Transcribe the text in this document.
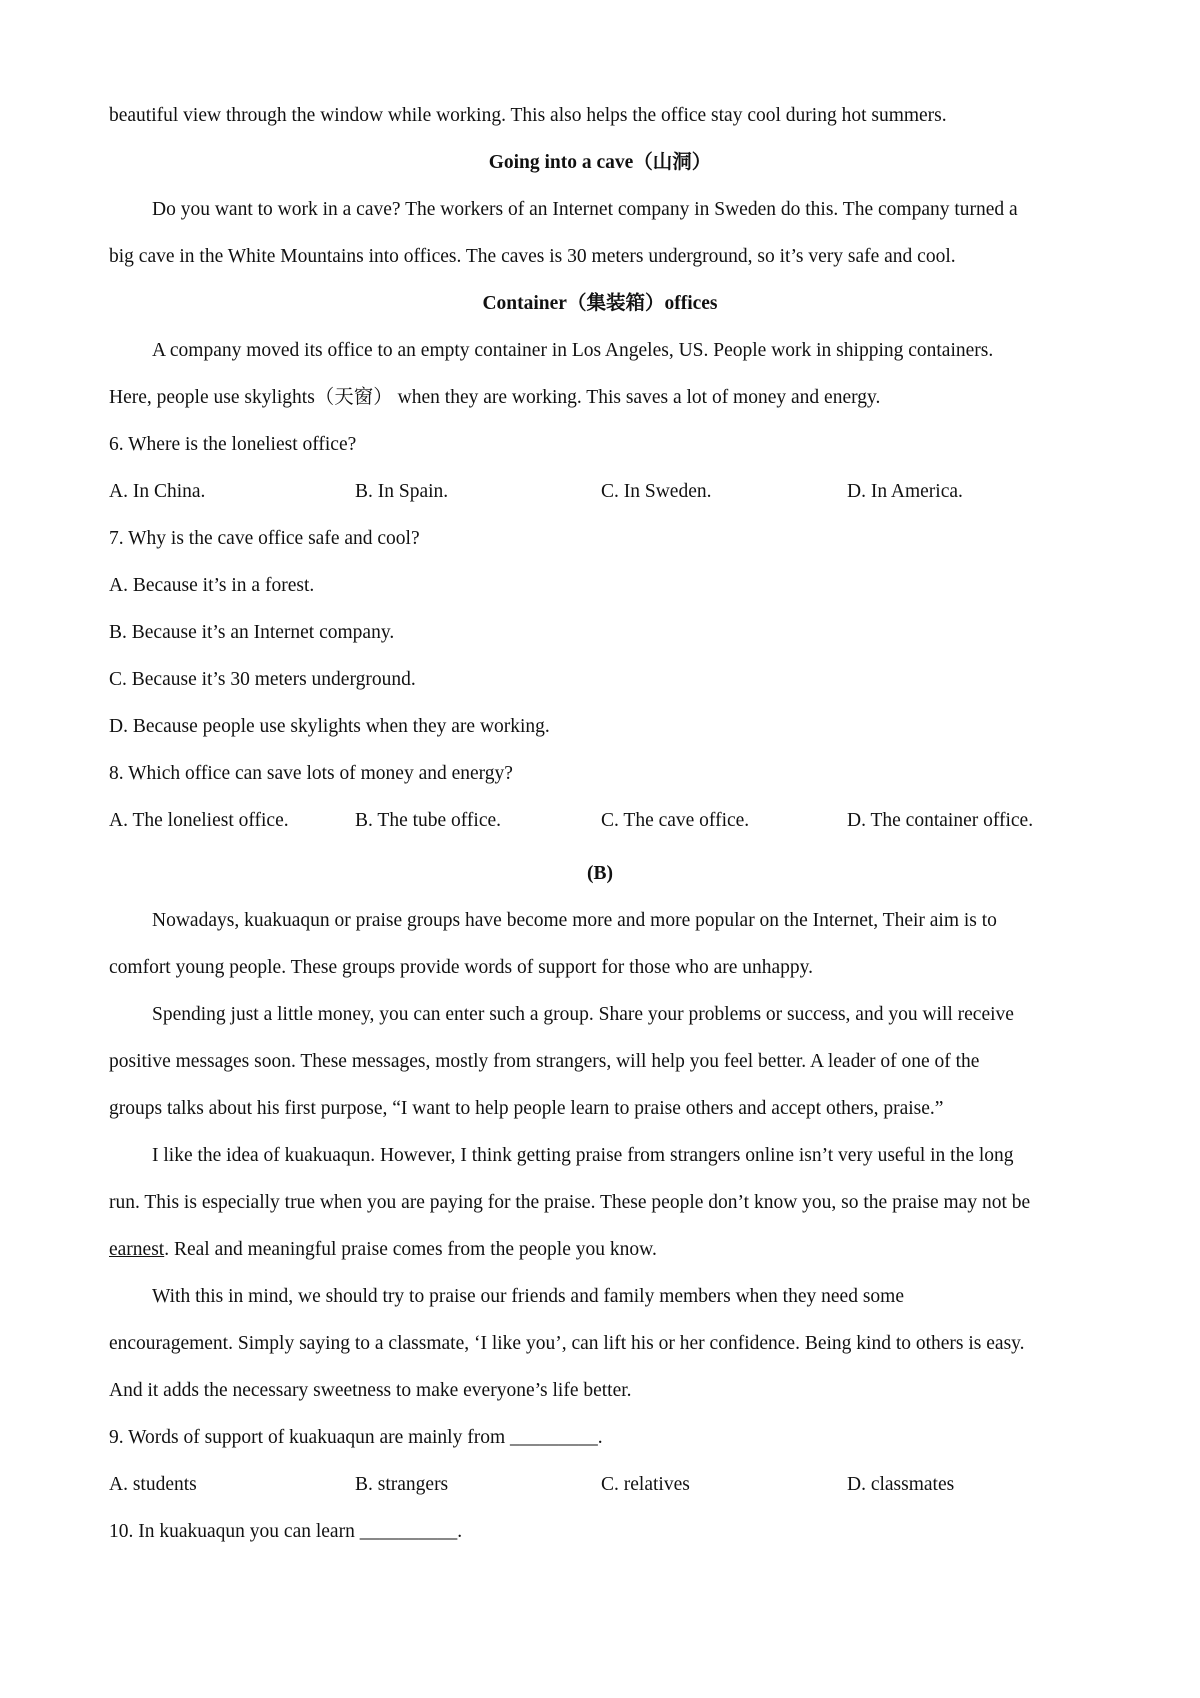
beautiful view through the window while working. This also helps the office stay cool during hot summers.
Going into a cave（山洞）
Do you want to work in a cave? The workers of an Internet company in Sweden do this. The company turned a
big cave in the White Mountains into offices. The caves is 30 meters underground, so it’s very safe and cool.
Container（集装箱）offices
A company moved its office to an empty container in Los Angeles, US. People work in shipping containers.
Here, people use skylights（天窗） when they are working. This saves a lot of money and energy.
6. Where is the loneliest office?
A. In China.	B. In Spain.	C. In Sweden.	D. In America.
7. Why is the cave office safe and cool?
A. Because it’s in a forest.
B. Because it’s an Internet company.
C. Because it’s 30 meters underground.
D. Because people use skylights when they are working.
8. Which office can save lots of money and energy?
A. The loneliest office.	B. The tube office.	C. The cave office.	D. The container office.
(B)
Nowadays, kuakuaqun or praise groups have become more and more popular on the Internet, Their aim is to
comfort young people. These groups provide words of support for those who are unhappy.
Spending just a little money, you can enter such a group. Share your problems or success, and you will receive
positive messages soon. These messages, mostly from strangers, will help you feel better. A leader of one of the
groups talks about his first purpose, “I want to help people learn to praise others and accept others, praise.”
I like the idea of kuakuaqun. However, I think getting praise from strangers online isn’t very useful in the long
run. This is especially true when you are paying for the praise. These people don’t know you, so the praise may not be
earnest. Real and meaningful praise comes from the people you know.
With this in mind, we should try to praise our friends and family members when they need some
encouragement. Simply saying to a classmate, ‘I like you’, can lift his or her confidence. Being kind to others is easy.
And it adds the necessary sweetness to make everyone’s life better.
9. Words of support of kuakuaqun are mainly from _________.
A. students	B. strangers	C. relatives	D. classmates
10. In kuakuaqun you can learn __________.
